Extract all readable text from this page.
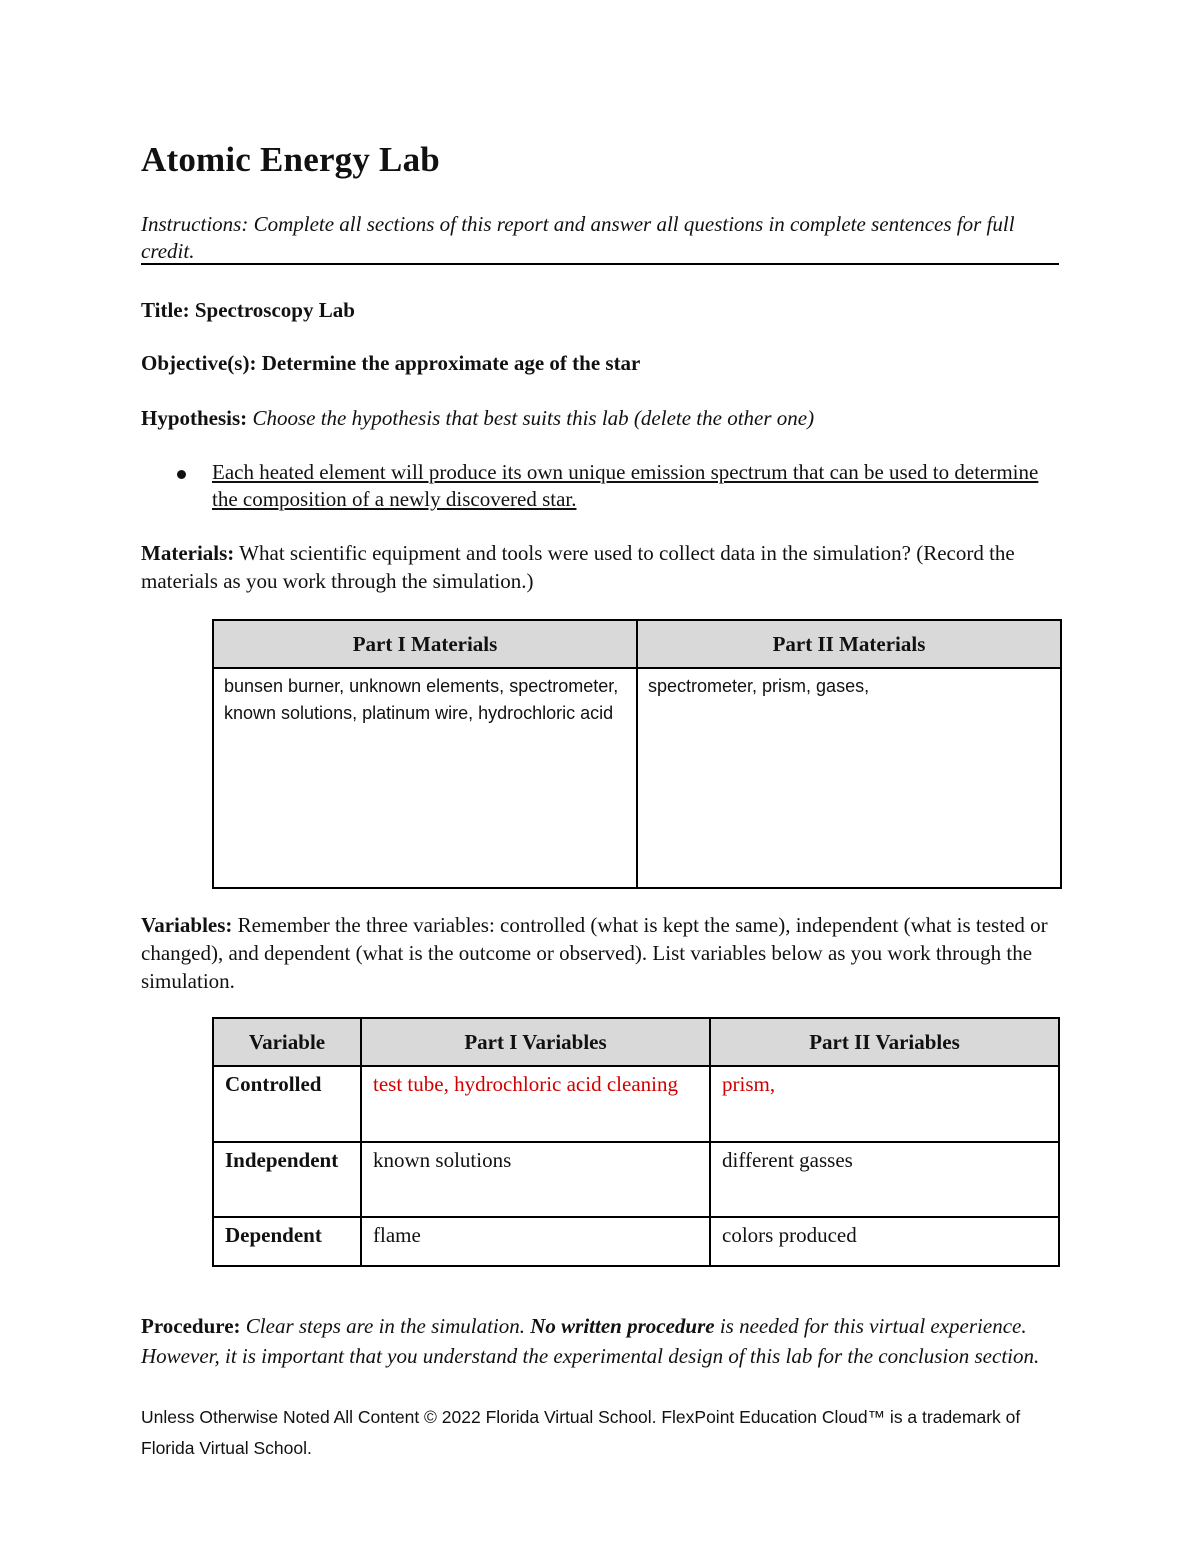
Atomic Energy Lab

Instructions: Complete all sections of this report and answer all questions in complete sentences for full credit.

Title: Spectroscopy Lab

Objective(s): Determine the approximate age of the star

Hypothesis: Choose the hypothesis that best suits this lab (delete the other one)

Each heated element will produce its own unique emission spectrum that can be used to determine the composition of a newly discovered star.

Materials: What scientific equipment and tools were used to collect data in the simulation? (Record the materials as you work through the simulation.)

Part I Materials	Part II Materials
bunsen burner, unknown elements, spectrometer, known solutions, platinum wire, hydrochloric acid	spectrometer, prism, gases,

Variables: Remember the three variables: controlled (what is kept the same), independent (what is tested or changed), and dependent (what is the outcome or observed). List variables below as you work through the simulation.

Variable	Part I Variables	Part II Variables
Controlled	test tube, hydrochloric acid cleaning	prism,
Independent	known solutions	different gasses
Dependent	flame	colors produced

Procedure: Clear steps are in the simulation. No written procedure is needed for this virtual experience. However, it is important that you understand the experimental design of this lab for the conclusion section.

Unless Otherwise Noted All Content © 2022 Florida Virtual School. FlexPoint Education Cloud™ is a trademark of Florida Virtual School.
